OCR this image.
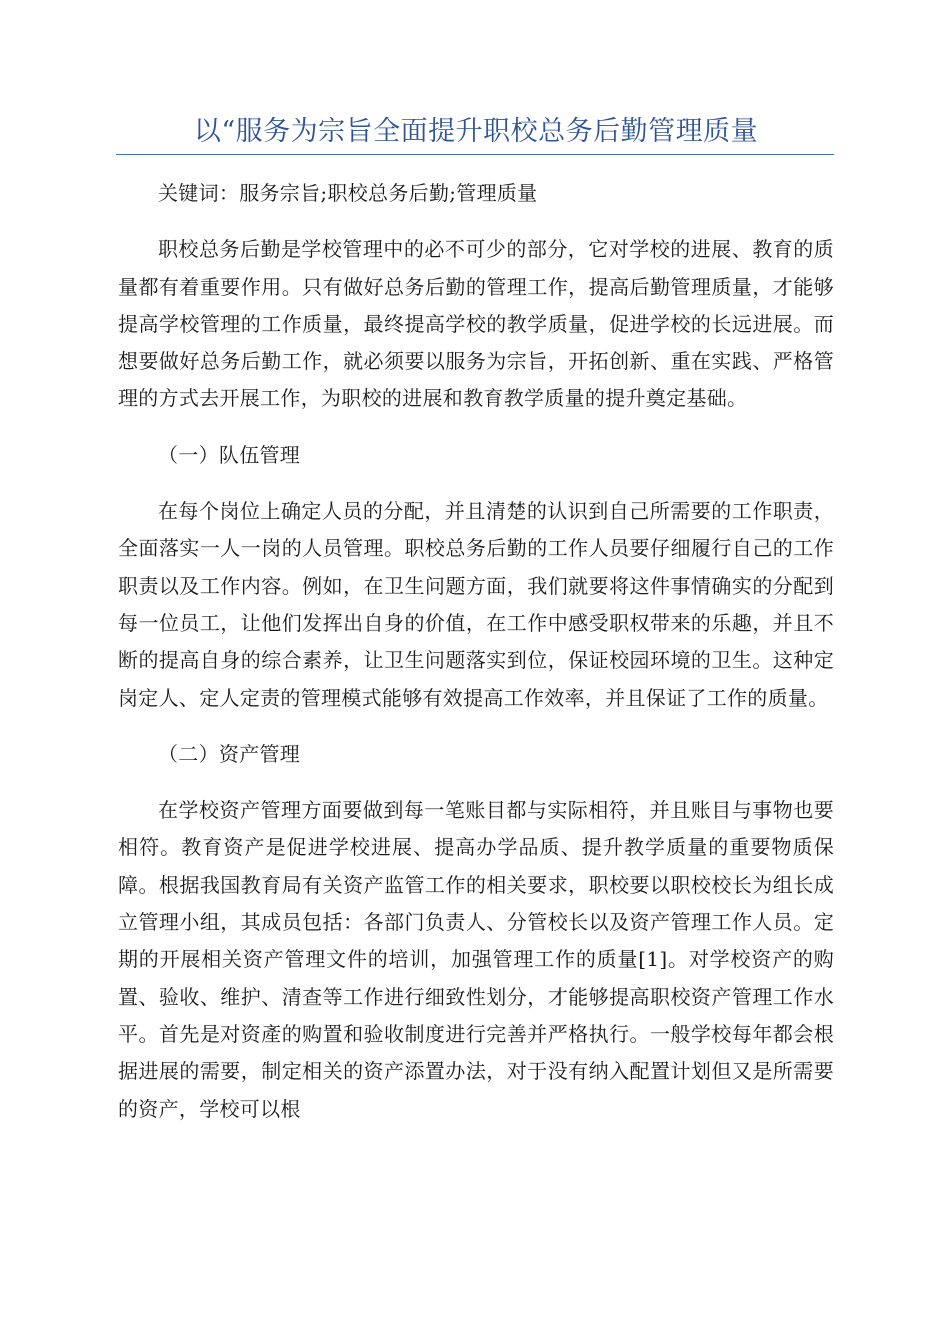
以“服务为宗旨全面提升职校总务后勤管理质量

关键词：服务宗旨;职校总务后勤;管理质量

职校总务后勤是学校管理中的必不可少的部分，它对学校的进展、教育的质量都有着重要作用。只有做好总务后勤的管理工作，提高后勤管理质量，才能够提高学校管理的工作质量，最终提高学校的教学质量，促进学校的长远进展。而想要做好总务后勤工作，就必须要以服务为宗旨，开拓创新、重在实践、严格管理的方式去开展工作，为职校的进展和教育教学质量的提升奠定基础。

（一）队伍管理

在每个岗位上确定人员的分配，并且清楚的认识到自己所需要的工作职责，全面落实一人一岗的人员管理。职校总务后勤的工作人员要仔细履行自己的工作职责以及工作内容。例如，在卫生问题方面，我们就要将这件事情确实的分配到每一位员工，让他们发挥出自身的价值，在工作中感受职权带来的乐趣，并且不断的提高自身的综合素养，让卫生问题落实到位，保证校园环境的卫生。这种定岗定人、定人定责的管理模式能够有效提高工作效率，并且保证了工作的质量。

（二）资产管理

在学校资产管理方面要做到每一笔账目都与实际相符，并且账目与事物也要相符。教育资产是促进学校进展、提高办学品质、提升教学质量的重要物质保障。根据我国教育局有关资产监管工作的相关要求，职校要以职校校长为组长成立管理小组，其成员包括：各部门负责人、分管校长以及资产管理工作人员。定期的开展相关资产管理文件的培训，加强管理工作的质量[1]。对学校资产的购置、验收、维护、清查等工作进行细致性划分，才能够提高职校资产管理工作水平。首先是对资產的购置和验收制度进行完善并严格执行。一般学校每年都会根据进展的需要，制定相关的资产添置办法，对于没有纳入配置计划但又是所需要的资产，学校可以根
